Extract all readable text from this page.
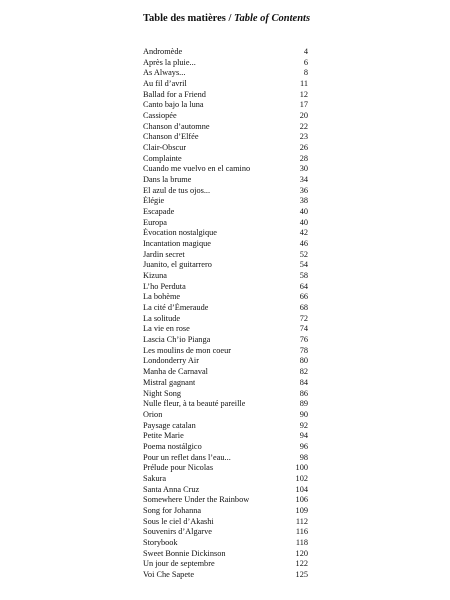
Table des matières / Table of Contents
Andromède	4
Après la pluie...	6
As Always...	8
Au fil d’avril	11
Ballad for a Friend	12
Canto bajo la luna	17
Cassiopée	20
Chanson d’automne	22
Chanson d’Elfée	23
Clair-Obscur	26
Complainte	28
Cuando me vuelvo en el camino	30
Dans la brume	34
El azul de tus ojos...	36
Élégie	38
Escapade	40
Europa	40
Évocation nostalgique	42
Incantation magique	46
Jardin secret	52
Juanito, el guitarrero	54
Kizuna	58
L’ho Perduta	64
La bohème	66
La cité d’Émeraude	68
La solitude	72
La vie en rose	74
Lascia Ch’io Pianga	76
Les moulins de mon coeur	78
Londonderry Air	80
Manha de Carnaval	82
Mistral gagnant	84
Night Song	86
Nulle fleur, à ta beauté pareille	89
Orion	90
Paysage catalan	92
Petite Marie	94
Poema nostálgico	96
Pour un reflet dans l’eau...	98
Prélude pour Nicolas	100
Sakura	102
Santa Anna Cruz	104
Somewhere Under the Rainbow	106
Song for Johanna	109
Sous le ciel d’Akashi	112
Souvenirs d’Algarve	116
Storybook	118
Sweet Bonnie Dickinson	120
Un jour de septembre	122
Voi Che Sapete	125
